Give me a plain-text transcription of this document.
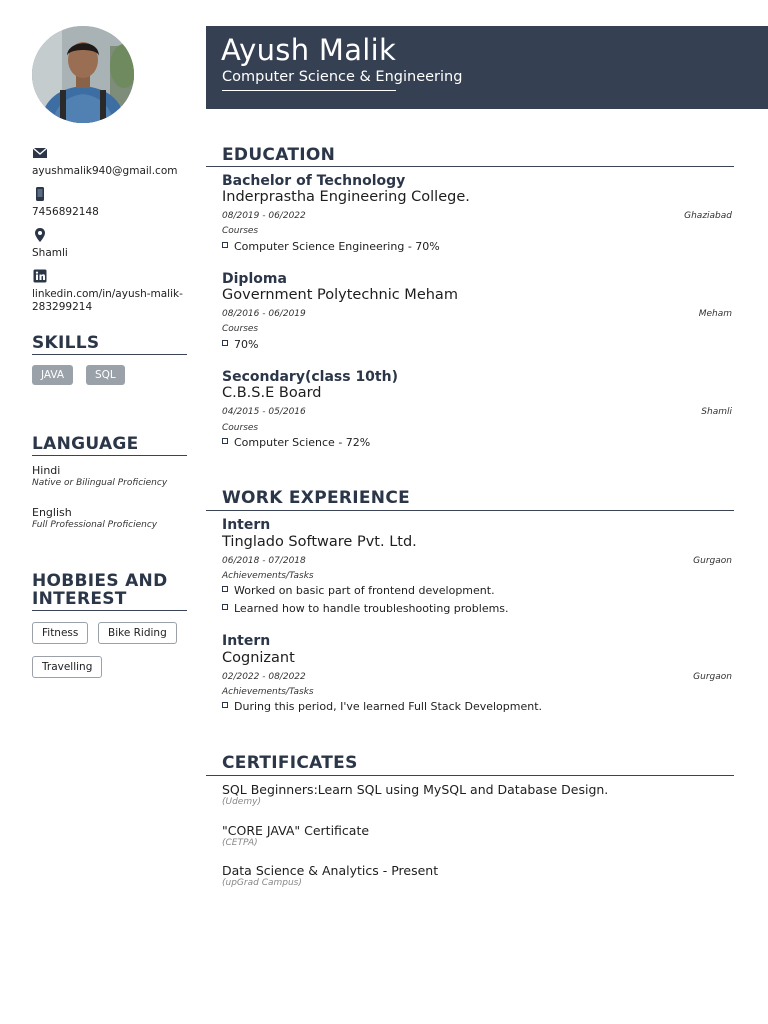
ayushmalik940@gmail.com
7456892148
Shamli
linkedin.com/in/ayush-malik-283299214
SKILLS
JAVA	SQL
LANGUAGE
Hindi
Native or Bilingual Proficiency
English
Full Professional Proficiency
HOBBIES AND
INTEREST
Fitness	Bike Riding
Travelling
Ayush Malik
Computer Science & Engineering
EDUCATION
Bachelor of Technology
Inderprastha Engineering College.
08/2019 - 06/2022	Ghaziabad
Courses
Computer Science Engineering - 70%
Diploma
Government Polytechnic Meham
08/2016 - 06/2019	Meham
Courses
70%
Secondary(class 10th)
C.B.S.E Board
04/2015 - 05/2016	Shamli
Courses
Computer Science - 72%
WORK EXPERIENCE
Intern
Tinglado Software Pvt. Ltd.
06/2018 - 07/2018	Gurgaon
Achievements/Tasks
Worked on basic part of frontend development.
Learned how to handle troubleshooting problems.
Intern
Cognizant
02/2022 - 08/2022	Gurgaon
Achievements/Tasks
During this period, I've learned Full Stack Development.
CERTIFICATES
SQL Beginners:Learn SQL using MySQL and Database Design.
(Udemy)
"CORE JAVA" Certificate
(CETPA)
Data Science & Analytics - Present
(upGrad Campus)
